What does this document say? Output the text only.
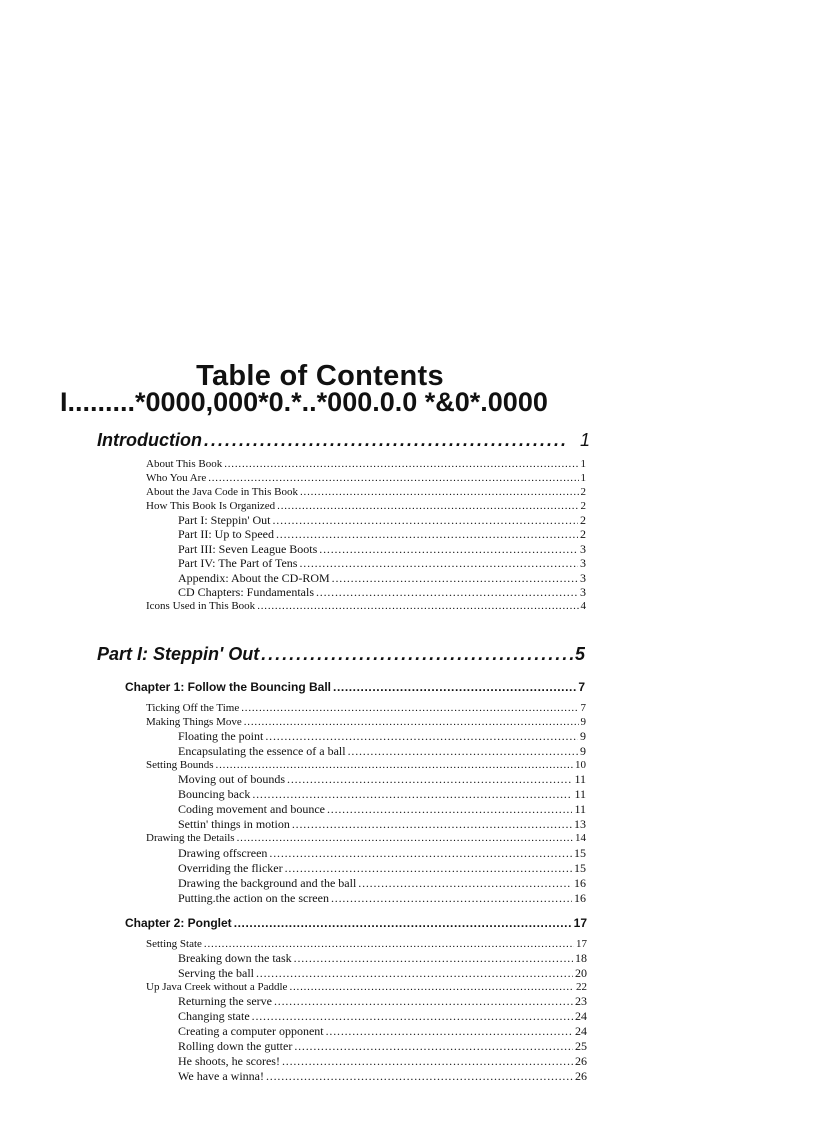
Table of Contents
I.........*0000,000*0.*..*000.0.0 *&0*.0000
Introduction .....	1
About This Book .....	1
Who You Are .....	1
About the Java Code in This Book .....	2
How This Book Is Organized .....	2
Part I: Steppin' Out .....	2
Part II: Up to Speed .....	2
Part III: Seven League Boots .....	3
Part IV: The Part of Tens .....	3
Appendix: About the CD-ROM .....	3
CD Chapters: Fundamentals .....	3
Icons Used in This Book .....	4
Part I: Steppin' Out .....	5
Chapter 1: Follow the Bouncing Ball .....	7
Ticking Off the Time .....	7
Making Things Move .....	9
Floating the point .....	9
Encapsulating the essence of a ball .....	9
Setting Bounds .....	10
Moving out of bounds .....	11
Bouncing back .....	11
Coding movement and bounce .....	11
Settin' things in motion .....	13
Drawing the Details .....	14
Drawing offscreen .....	15
Overriding the flicker .....	15
Drawing the background and the ball .....	16
Putting.the action on the screen .....	16
Chapter 2: Ponglet .....	17
Setting State .....	17
Breaking down the task .....	18
Serving the ball .....	20
Up Java Creek without a Paddle .....	22
Returning the serve .....	23
Changing state .....	24
Creating a computer opponent .....	24
Rolling down the gutter .....	25
He shoots, he scores! .....	26
We have a winna! .....	26
